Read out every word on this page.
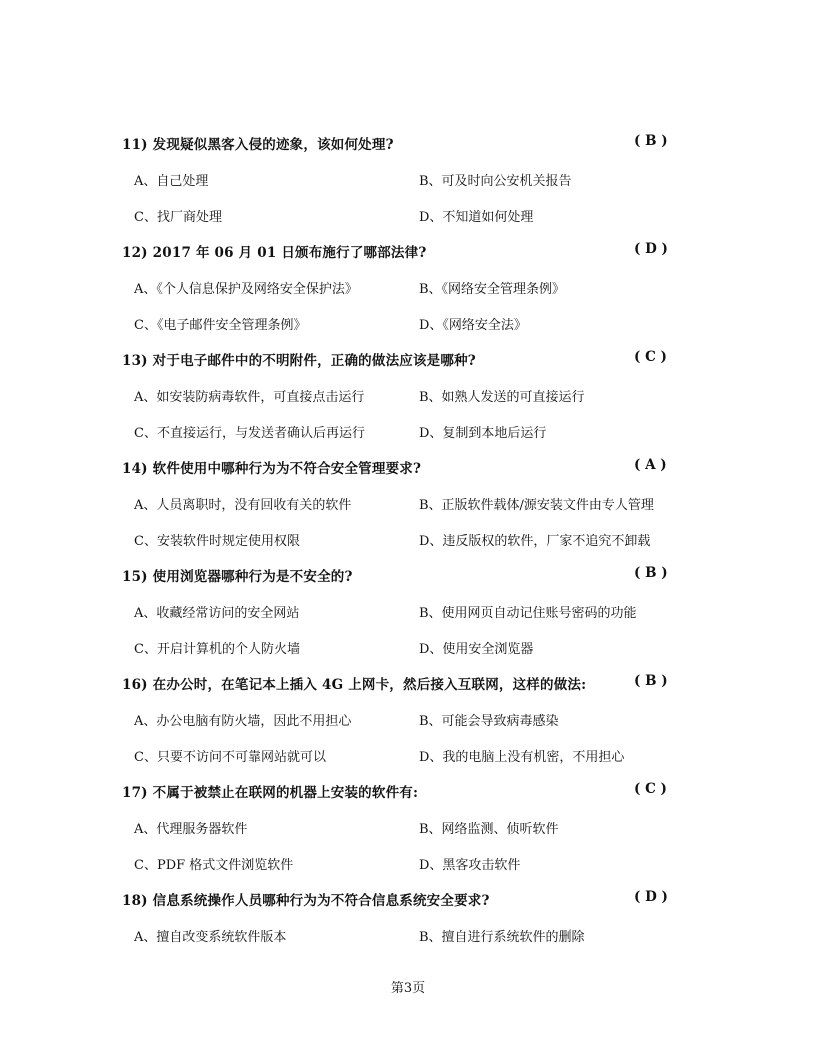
11) 发现疑似黑客入侵的迹象，该如何处理?	( B )
A、自己处理	B、可及时向公安机关报告
C、找厂商处理	D、不知道如何处理
12) 2017 年 06 月 01 日颁布施行了哪部法律?	( D )
A、《个人信息保护及网络安全保护法》	B、《网络安全管理条例》
C、《电子邮件安全管理条例》	D、《网络安全法》
13) 对于电子邮件中的不明附件，正确的做法应该是哪种?	( C )
A、如安装防病毒软件，可直接点击运行	B、如熟人发送的可直接运行
C、不直接运行，与发送者确认后再运行	D、复制到本地后运行
14) 软件使用中哪种行为为不符合安全管理要求?	( A )
A、人员离职时，没有回收有关的软件	B、正版软件载体/源安装文件由专人管理
C、安装软件时规定使用权限	D、违反版权的软件，厂家不追究不卸载
15) 使用浏览器哪种行为是不安全的?	( B )
A、收藏经常访问的安全网站	B、使用网页自动记住账号密码的功能
C、开启计算机的个人防火墙	D、使用安全浏览器
16) 在办公时，在笔记本上插入 4G 上网卡，然后接入互联网，这样的做法:	( B )
A、办公电脑有防火墙，因此不用担心	B、可能会导致病毒感染
C、只要不访问不可靠网站就可以	D、我的电脑上没有机密，不用担心
17) 不属于被禁止在联网的机器上安装的软件有:	( C )
A、代理服务器软件	B、网络监测、侦听软件
C、PDF 格式文件浏览软件	D、黑客攻击软件
18) 信息系统操作人员哪种行为为不符合信息系统安全要求?	( D )
A、擅自改变系统软件版本	B、擅自进行系统软件的删除
第3页
